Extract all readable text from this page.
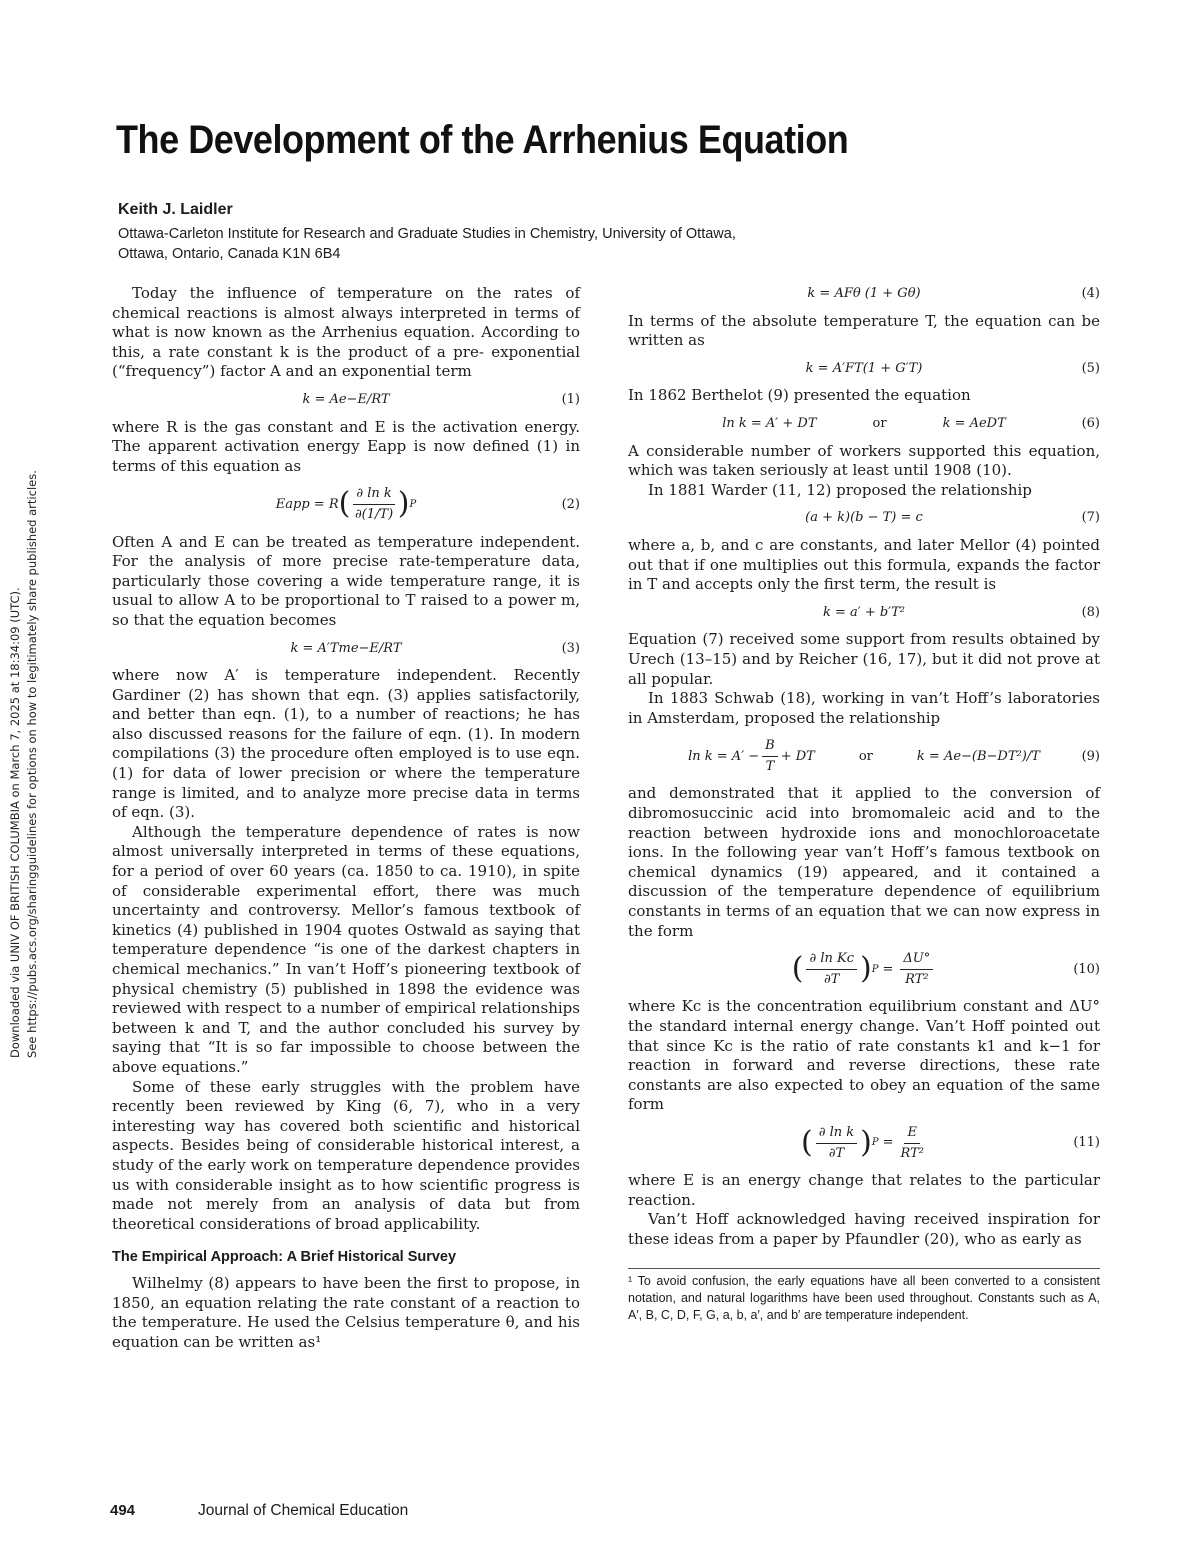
Downloaded via UNIV OF BRITISH COLUMBIA on March 7, 2025 at 18:34:09 (UTC). See https://pubs.acs.org/sharingguidelines for options on how to legitimately share published articles.
The Development of the Arrhenius Equation
Keith J. Laidler
Ottawa-Carleton Institute for Research and Graduate Studies in Chemistry, University of Ottawa,
Ottawa, Ontario, Canada K1N 6B4

Today the influence of temperature on the rates of chemical reactions is almost always interpreted in terms of what is now known as the Arrhenius equation. According to this, a rate constant k is the product of a pre- exponential (“frequency”) factor A and an exponential term

k = Ae−E/RT	(1)

where R is the gas constant and E is the activation energy. The apparent activation energy Eapp is now defined (1) in terms of this equation as

Eapp = R ( $\frac{\text{∂ ln k}}{\partial(1/T)}$ ) P	(2)

Often A and E can be treated as temperature independent. For the analysis of more precise rate-temperature data, particularly those covering a wide temperature range, it is usual to allow A to be proportional to T raised to a power m, so that the equation becomes

k = A′Tme−E/RT	(3)

where now A′ is temperature independent. Recently Gardiner (2) has shown that eqn. (3) applies satisfactorily, and better than eqn. (1), to a number of reactions; he has also discussed reasons for the failure of eqn. (1). In modern compilations (3) the procedure often employed is to use eqn. (1) for data of lower precision or where the temperature range is limited, and to analyze more precise data in terms of eqn. (3).

Although the temperature dependence of rates is now almost universally interpreted in terms of these equations, for a period of over 60 years (ca. 1850 to ca. 1910), in spite of considerable experimental effort, there was much uncertainty and controversy. Mellor’s famous textbook of kinetics (4) published in 1904 quotes Ostwald as saying that temperature dependence “is one of the darkest chapters in chemical mechanics.” In van’t Hoff’s pioneering textbook of physical chemistry (5) published in 1898 the evidence was reviewed with respect to a number of empirical relationships between k and T, and the author concluded his survey by saying that “It is so far impossible to choose between the above equations.”

Some of these early struggles with the problem have recently been reviewed by King (6, 7), who in a very interesting way has covered both scientific and historical aspects. Besides being of considerable historical interest, a study of the early work on temperature dependence provides us with considerable insight as to how scientific progress is made not merely from an analysis of data but from theoretical considerations of broad applicability.

The Empirical Approach: A Brief Historical Survey

Wilhelmy (8) appears to have been the first to propose, in 1850, an equation relating the rate constant of a reaction to the temperature. He used the Celsius temperature θ, and his equation can be written as¹

k = AFθ (1 + Gθ)	(4)

In terms of the absolute temperature T, the equation can be written as

k = A′FT(1 + G′T)	(5)

In 1862 Berthelot (9) presented the equation

ln k = A′ + DT	or	k = AeDT	(6)

A considerable number of workers supported this equation, which was taken seriously at least until 1908 (10).

In 1881 Warder (11, 12) proposed the relationship

(a + k)(b − T) = c	(7)

where a, b, and c are constants, and later Mellor (4) pointed out that if one multiplies out this formula, expands the factor in T and accepts only the first term, the result is

k = a′ + b′T²	(8)

Equation (7) received some support from results obtained by Urech (13–15) and by Reicher (16, 17), but it did not prove at all popular.

In 1883 Schwab (18), working in van’t Hoff’s laboratories in Amsterdam, proposed the relationship

$\ln k = A' - \frac{B}{T}$ + DT	or	k = Ae−(B−DT²)/T	(9)

and demonstrated that it applied to the conversion of dibromosuccinic acid into bromomaleic acid and to the reaction between hydroxide ions and monochloroacetate ions. In the following year van’t Hoff’s famous textbook on chemical dynamics (19) appeared, and it contained a discussion of the temperature dependence of equilibrium constants in terms of an equation that we can now express in the form

( $\frac{\text{∂ ln Kc}}{\partial T}$ ) $P = \frac{\Delta U^\circ}{\text{RT²}}$	(10)

where Kc is the concentration equilibrium constant and ΔU° the standard internal energy change. Van’t Hoff pointed out that since Kc is the ratio of rate constants k1 and k−1 for reaction in forward and reverse directions, these rate constants are also expected to obey an equation of the same form

( $\frac{\text{∂ ln k}}{\partial T}$ ) $P = \frac{E}{\text{RT²}}$	(11)

where E is an energy change that relates to the particular reaction.

Van’t Hoff acknowledged having received inspiration for these ideas from a paper by Pfaundler (20), who as early as

¹ To avoid confusion, the early equations have all been converted to a consistent notation, and natural logarithms have been used throughout. Constants such as A, A′, B, C, D, F, G, a, b, a′, and b′ are temperature independent.
494	Journal of Chemical Education
